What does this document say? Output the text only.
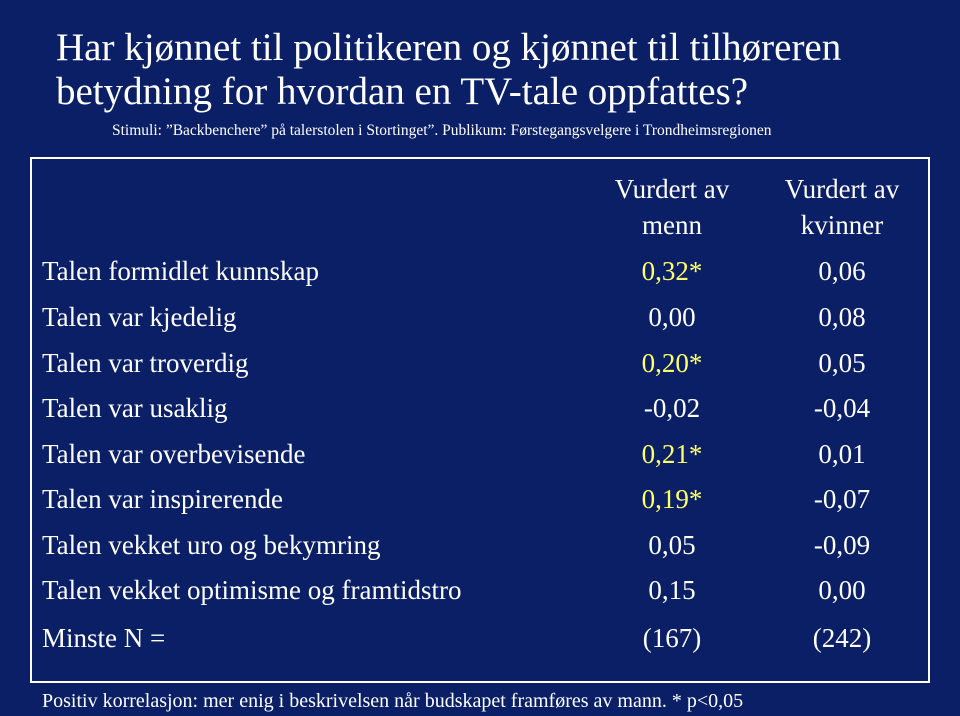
Har kjønnet til politikeren og kjønnet til tilhøreren
betydning for hvordan en TV-tale oppfattes?
Stimuli: ”Backbenchere” på talerstolen i Stortinget”. Publikum: Førstegangsvelgere i Trondheimsregionen
Vurdert av
menn
Vurdert av
kvinner
Talen formidlet kunnskap	0,32*	0,06
Talen var kjedelig	0,00	0,08
Talen var troverdig	0,20*	0,05
Talen var usaklig	-0,02	-0,04
Talen var overbevisende	0,21*	0,01
Talen var inspirerende	0,19*	-0,07
Talen vekket uro og bekymring	0,05	-0,09
Talen vekket optimisme og framtidstro	0,15	0,00
Minste N =	(167)	(242)
Positiv korrelasjon: mer enig i beskrivelsen når budskapet framføres av mann. * p<0,05
